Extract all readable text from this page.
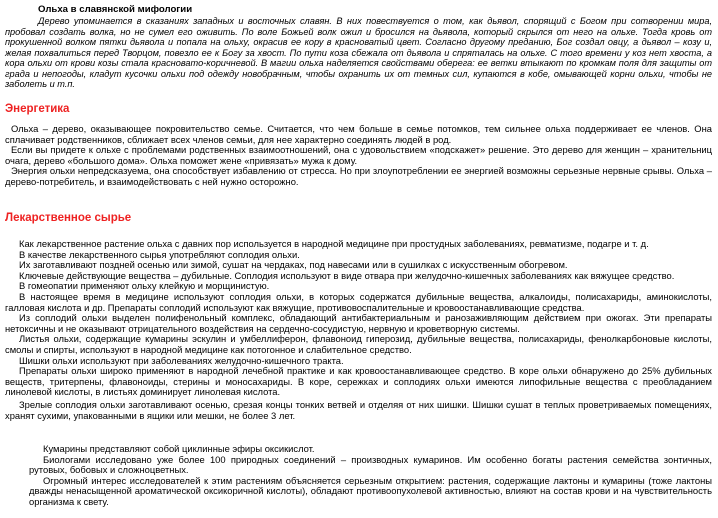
Ольха в славянской мифологии
Дерево упоминается в сказаниях западных и восточных славян. В них повествуется о том, как дьявол, спорящий с Богом при сотворении мира, пробовал создать волка, но не сумел его оживить. По воле Божьей волк ожил и бросился на дьявола, который скрылся от него на ольхе. Тогда кровь от прокушенной волком пятки дьявола и попала на ольху, окрасив ее кору в красноватый цвет. Согласно другому преданию, Бог создал овцу, а дьявол – козу и, желая похвалиться перед Творцом, повезло ее к Богу за хвост. По пути коза сбежала от дьявола и спряталась на ольхе. С того времени у коз нет хвоста, а кора ольхи от крови козы стала красновато-коричневой. В магии ольха наделяется свойствами оберега: ее ветки втыкают по кромкам поля для защиты от града и непогоды, кладут кусочки ольхи под одежду новобрачным, чтобы охранить их от темных сил, купаются в кобе, омывающей корни ольхи, чтобы не заболеть и т.п.
Энергетика

Ольха – дерево, оказывающее покровительство семье. Считается, что чем больше в семье потомков, тем сильнее ольха поддерживает ее членов. Она сплачивает родственников, сближает всех членов семьи, для нее характерно соединять людей в род.

Если вы придете к ольхе с проблемами родственных взаимоотношений, она с удовольствием «подскажет» решение. Это дерево для женщин – хранительниц очага, дерево «большого дома». Ольха поможет жене «привязать» мужа к дому.

Энергия ольхи непредсказуема, она способствует избавлению от стресса. Но при злоупотреблении ее энергией возможны серьезные нервные срывы. Ольха – дерево-потребитель, и взаимодействовать с ней нужно осторожно.

Лекарственное сырье

Как лекарственное растение ольха с давних пор используется в народной медицине при простудных заболеваниях, ревматизме, подагре и т. д.

В качестве лекарственного сырья употребляют соплодия ольхи.

Их заготавливают поздней осенью или зимой, сушат на чердаках, под навесами или в сушилках с искусственным обогревом.

Ключевые действующие вещества – дубильные. Соплодия используют в виде отвара при желудочно-кишечных заболеваниях как вяжущее средство.

В гомеопатии применяют ольху клейкую и морщинистую.

В настоящее время в медицине используют соплодия ольхи, в которых содержатся дубильные вещества, алкалоиды, полисахариды, аминокислоты, галловая кислота и др. Препараты соплодий используют как вяжущие, противовоспалительные и кровоостанавливающие средства.

Из соплодий ольхи выделен полифенольный комплекс, обладающий антибактериальным и ранозаживляющим действием при ожогах. Эти препараты нетоксичны и не оказывают отрицательного воздействия на сердечно-сосудистую, нервную и кроветворную системы.

Листья ольхи, содержащие кумарины эскулин и умбеллиферон, флавоноид гиперозид, дубильные вещества, полисахариды, фенолкарбоновые кислоты, смолы и спирты, используют в народной медицине как потогонное и слабительное средство.

Шишки ольхи используют при заболеваниях желудочно-кишечного тракта.

Препараты ольхи широко применяют в народной лечебной практике и как кровоостанавливающее средство. В коре ольхи обнаружено до 25% дубильных веществ, тритерпены, флавоноиды, стерины и моносахариды. В коре, сережках и соплодиях ольхи имеются липофильные вещества с преобладанием линолевой кислоты, в листьях доминирует линолевая кислота.

Зрелые соплодия ольхи заготавливают осенью, срезая концы тонких ветвей и отделяя от них шишки. Шишки сушат в теплых проветриваемых помещениях, хранят сухими, упакованными в ящики или мешки, не более 3 лет.

Кумарины представляют собой циклинные эфиры оксикислот.

Биологами исследовано уже более 100 природных соединений – производных кумаринов. Им особенно богаты растения семейства зонтичных, рутовых, бобовых и сложноцветных.

Огромный интерес исследователей к этим растениям объясняется серьезным открытием: растения, содержащие лактоны и кумарины (тоже лактоны дважды ненасыщенной ароматической оксикоричной кислоты), обладают противоопухолевой активностью, влияют на состав крови и на чувствительность организма к свету.
